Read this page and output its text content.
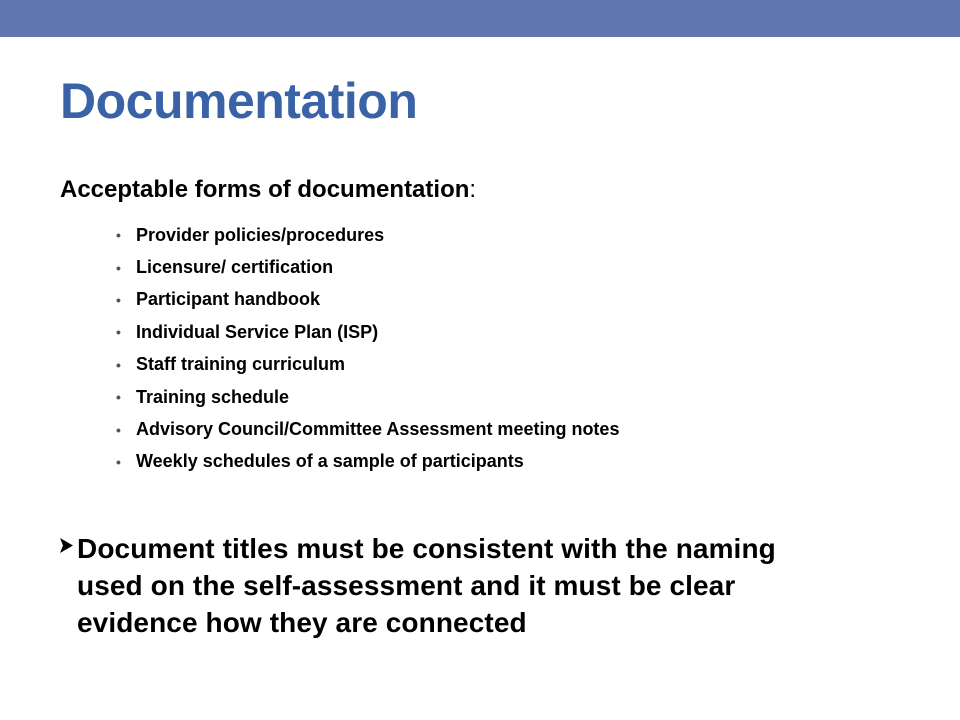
Documentation

Acceptable forms of documentation:

• Provider policies/procedures
• Licensure/ certification
• Participant handbook
• Individual Service Plan (ISP)
• Staff training curriculum
• Training schedule
• Advisory Council/Committee Assessment meeting notes
• Weekly schedules of a sample of participants

Document titles must be consistent with the naming
used on the self-assessment and it must be clear
evidence how they are connected
